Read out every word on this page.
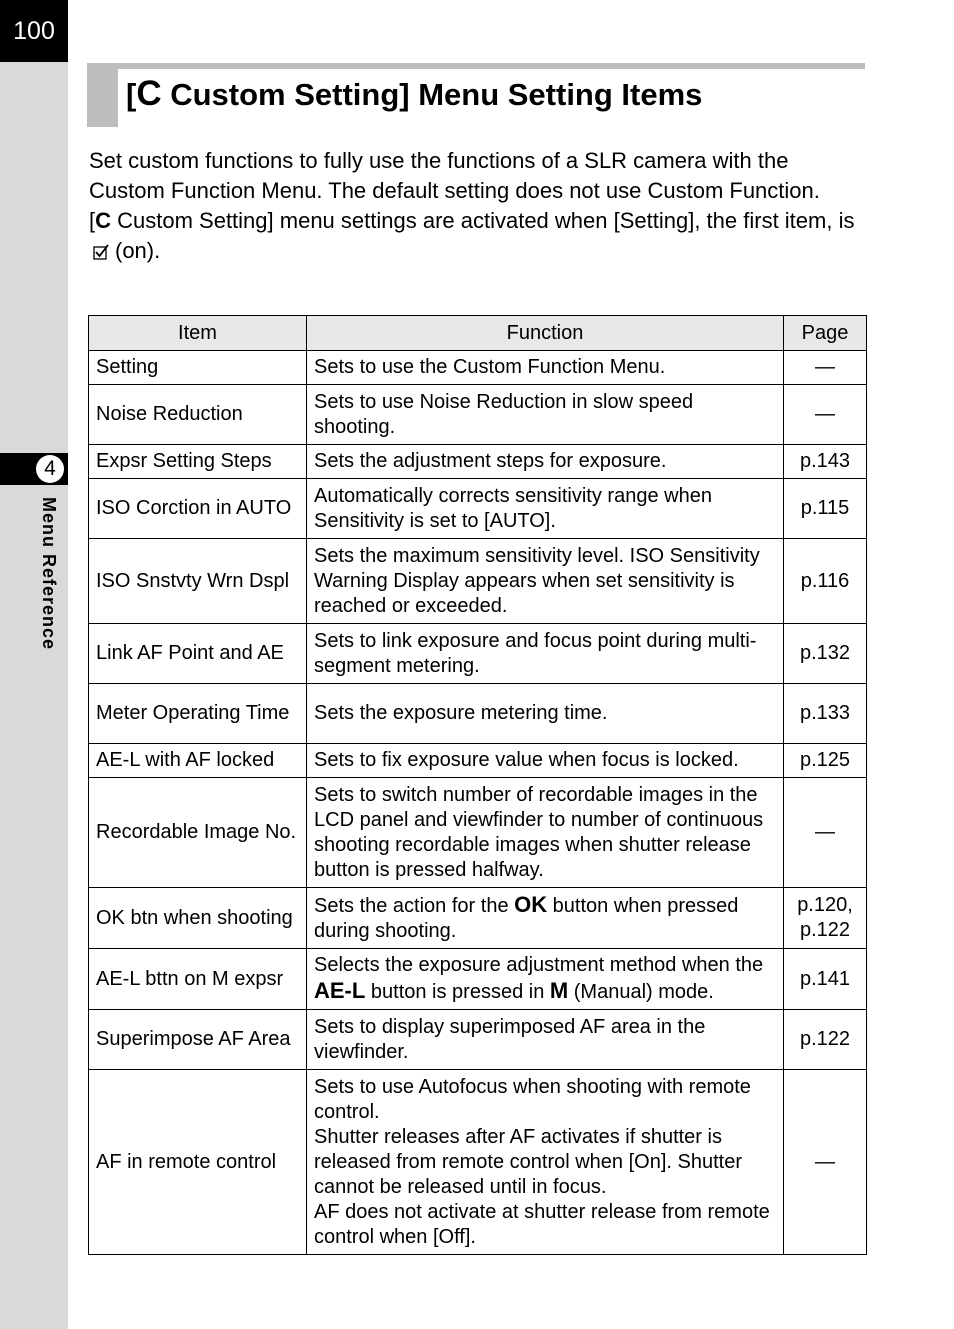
100
4
Menu Reference
[C Custom Setting] Menu Setting Items

Set custom functions to fully use the functions of a SLR camera with the Custom Function Menu. The default setting does not use Custom Function.

[C Custom Setting] menu settings are activated when [Setting], the first item, is(on).

Item	Function	Page
Setting	Sets to use the Custom Function Menu.	—
Noise Reduction	Sets to use Noise Reduction in slow speed shooting.	—
Expsr Setting Steps	Sets the adjustment steps for exposure.	p.143
ISO Corction in AUTO	Automatically corrects sensitivity range when Sensitivity is set to [AUTO].	p.115
ISO Snstvty Wrn Dspl	Sets the maximum sensitivity level. ISO Sensitivity Warning Display appears when set sensitivity is reached or exceeded.	p.116
Link AF Point and AE	Sets to link exposure and focus point during multi-segment metering.	p.132
Meter Operating Time	Sets the exposure metering time.	p.133
AE-L with AF locked	Sets to fix exposure value when focus is locked.	p.125
Recordable Image No.	Sets to switch number of recordable images in the LCD panel and viewfinder to number of continuous shooting recordable images when shutter release button is pressed halfway.	—
OK btn when shooting	Sets the action for the OK button when pressed during shooting.	p.120,
p.122
AE-L bttn on M expsr	Selects the exposure adjustment method when the AE-L button is pressed in M (Manual) mode.	p.141
Superimpose AF Area	Sets to display superimposed AF area in the viewfinder.	p.122
AF in remote control	Sets to use Autofocus when shooting with remote control.
Shutter releases after AF activates if shutter is released from remote control when [On]. Shutter cannot be released until in focus.
AF does not activate at shutter release from remote control when [Off].	—
